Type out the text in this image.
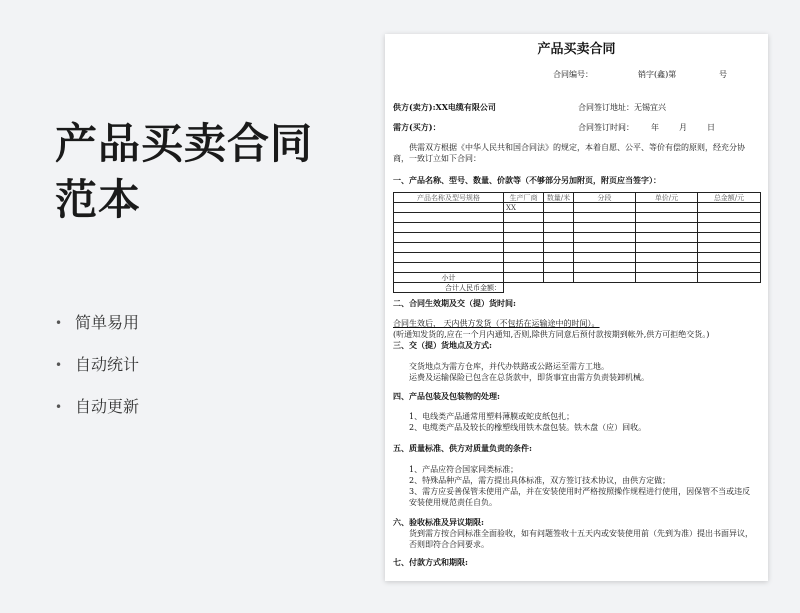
产品买卖合同范本
• 简单易用
• 自动统计
• 自动更新
产品买卖合同
合同编号：	销字(鑫)第	号
供方(卖方):XX电缆有限公司	合同签订地址：无锡宜兴
需方(买方)：	合同签订时间： 年	月	日
供需双方根据《中华人民共和国合同法》的规定，本着自愿、公平、等价有偿的原则，经充分协商，一致订立如下合同：
一、产品名称、型号、数量、价款等（不够部分另加附页，附页应当签字）：
产品名称及型号规格	生产厂商	数量/米	分段	单价/元	总金额/元
	XX				

小计					
合计人民币金额：					
二、合同生效期及交（提）货时间:
合同生效后， 天内供方发货（不包括在运输途中的时间）。
(听通知发货的,应在一个月内通知,否则,除供方同意后预付款按期到帐外,供方可拒绝交货。)
三、交（提）货地点及方式:
交货地点为需方仓库，并代办铁路或公路运至需方工地。
运费及运输保险已包含在总货款中，即货事宜由需方负责装卸机械。
四、产品包装及包装物的处理:
1、电线类产品通常用塑料薄膜或蛇皮纸包扎；
2、电缆类产品及较长的橡塑线用铁木盘包装。铁木盘（应）回收。
五、质量标准、供方对质量负责的条件:
1、产品应符合国家同类标准；
2、特殊品种产品，需方提出具体标准，双方签订技术协议，由供方定做；
3、需方应妥善保管未使用产品，并在安装使用时严格按照操作规程进行使用，因保管不当或违反安装使用规范责任自负。
六、验收标准及异议期限:
货到需方按合同标准全面验收，如有问题签收十五天内或安装使用前（先到为准）提出书面异议，否则即符合合同要求。
七、付款方式和期限:
